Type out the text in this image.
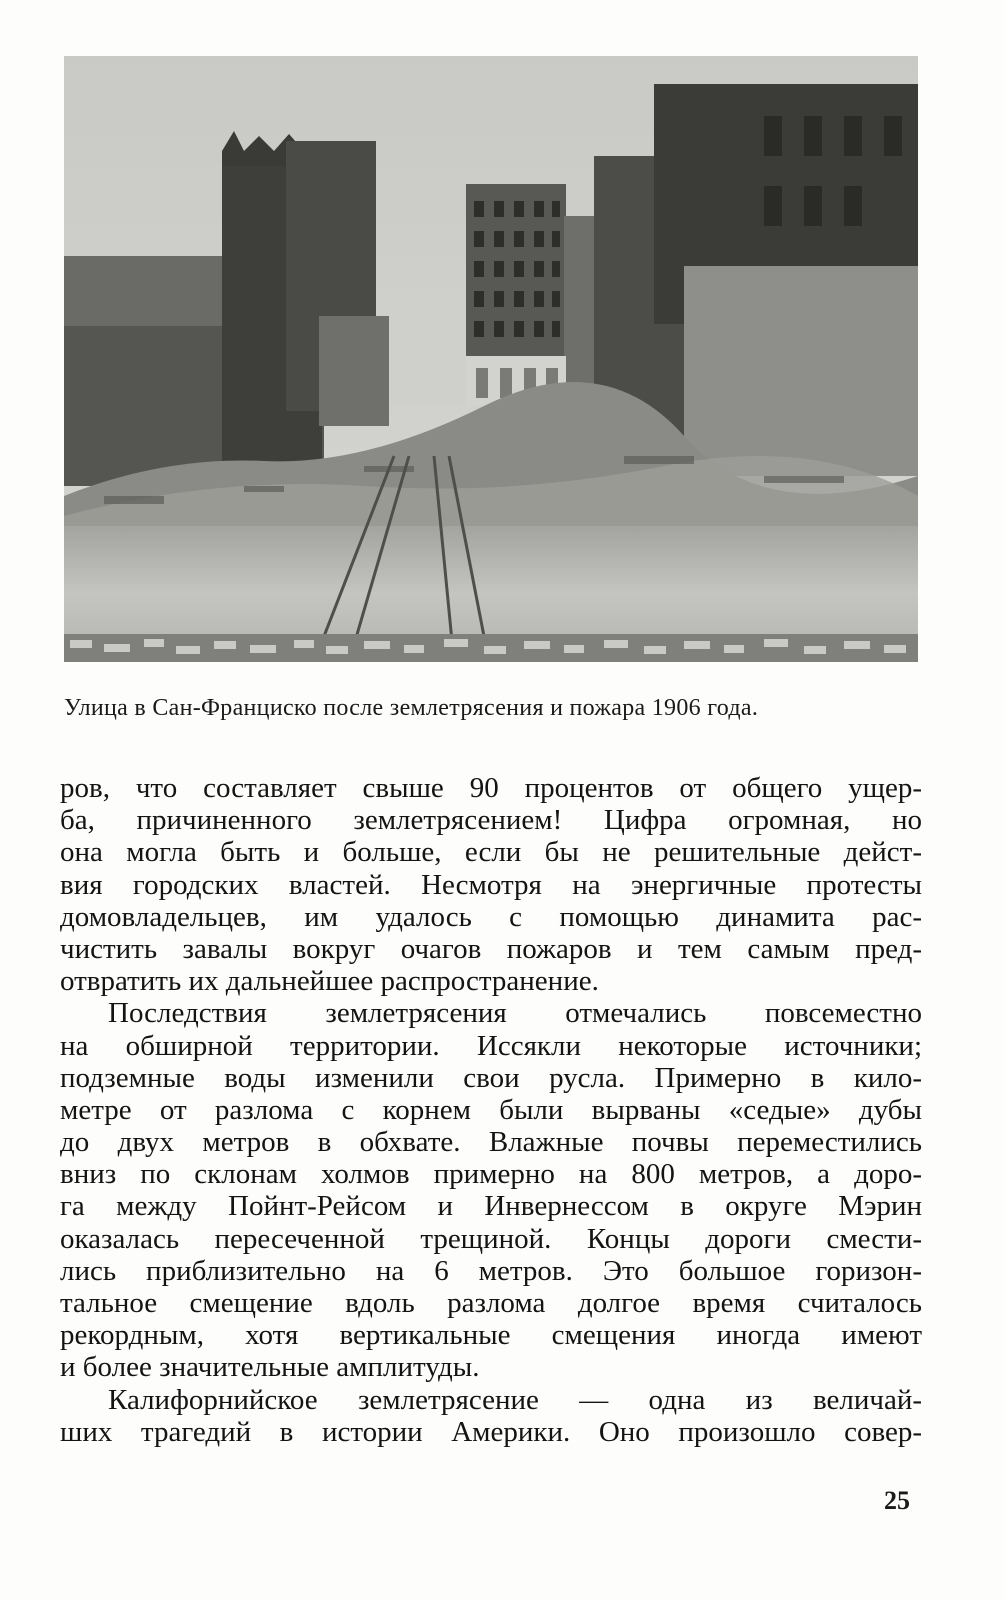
Улица в Сан-Франциско после землетрясения и пожара 1906 года.
ров, что составляет свыше 90 процентов от общего ущер-
ба, причиненного землетрясением! Цифра огромная, но
она могла быть и больше, если бы не решительные дейст-
вия городских властей. Несмотря на энергичные протесты
домовладельцев, им удалось с помощью динамита рас-
чистить завалы вокруг очагов пожаров и тем самым пред-
отвратить их дальнейшее распространение.
Последствия землетрясения отмечались повсеместно
на обширной территории. Иссякли некоторые источники;
подземные воды изменили свои русла. Примерно в кило-
метре от разлома с корнем были вырваны «седые» дубы
до двух метров в обхвате. Влажные почвы переместились
вниз по склонам холмов примерно на 800 метров, а доро-
га между Пойнт-Рейсом и Инвернессом в округе Мэрин
оказалась пересеченной трещиной. Концы дороги смести-
лись приблизительно на 6 метров. Это большое горизон-
тальное смещение вдоль разлома долгое время считалось
рекордным, хотя вертикальные смещения иногда имеют
и более значительные амплитуды.
Калифорнийское землетрясение — одна из величай-
ших трагедий в истории Америки. Оно произошло совер-
25
